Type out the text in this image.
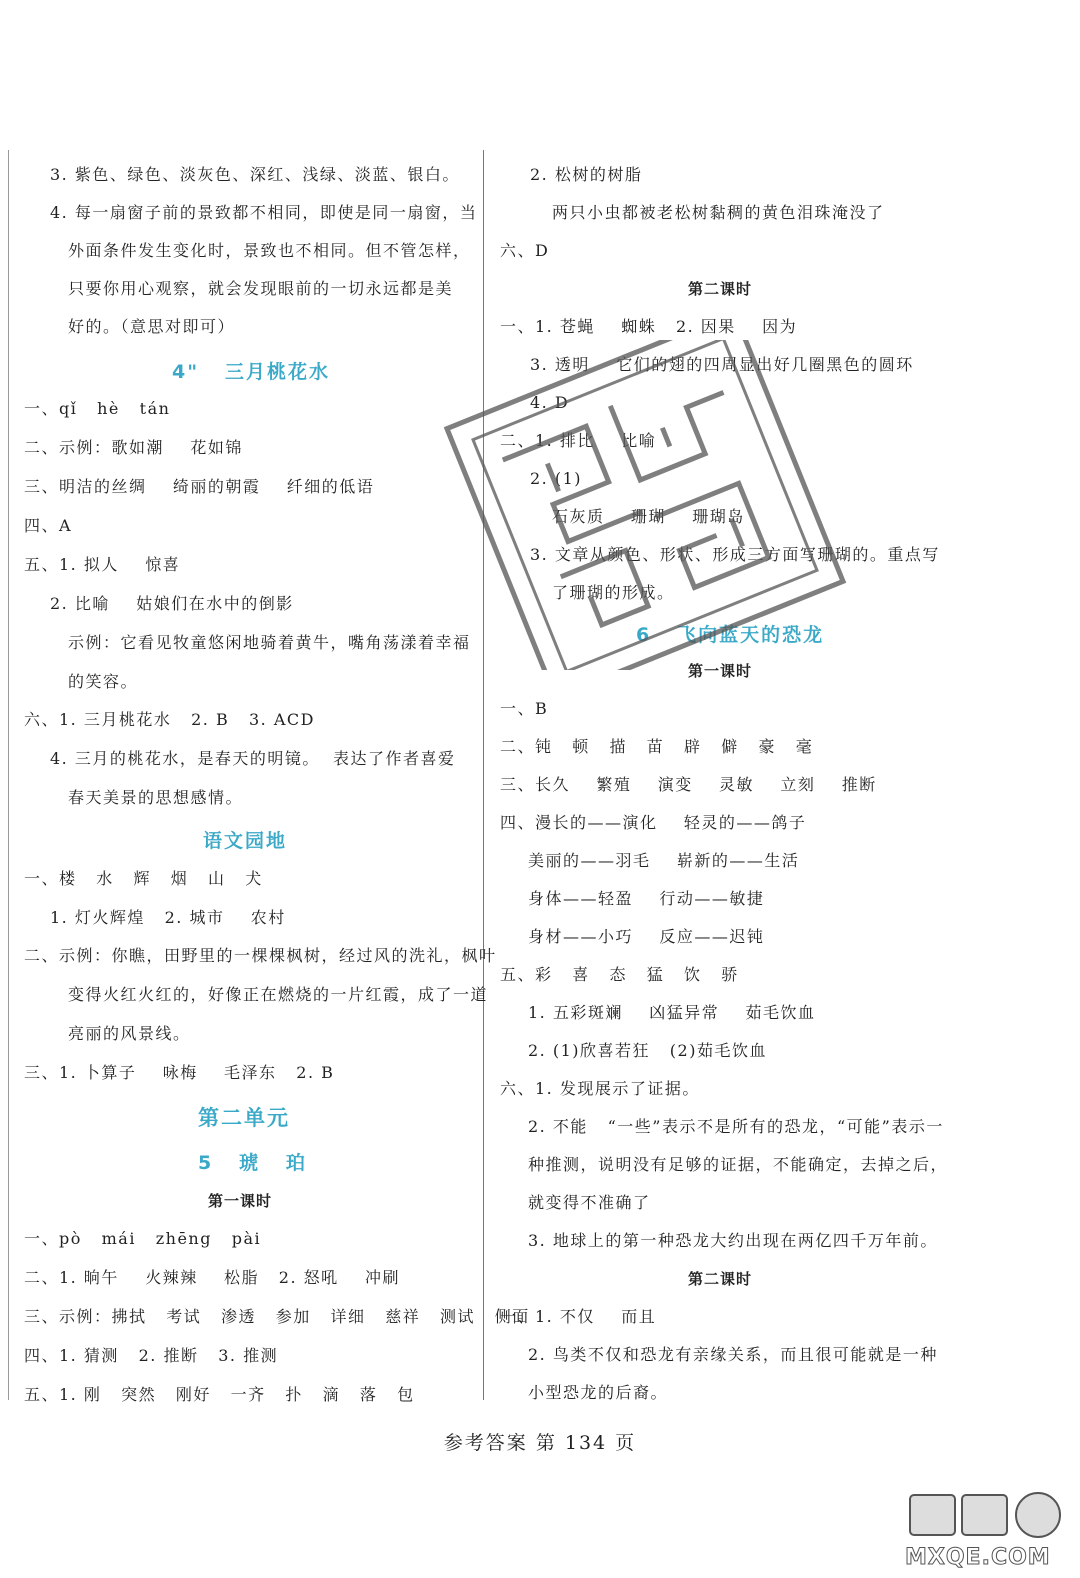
3. 紫色、绿色、淡灰色、深红、浅绿、淡蓝、银白。
4. 每一扇窗子前的景致都不相同，即使是同一扇窗，当
外面条件发生变化时，景致也不相同。但不管怎样，
只要你用心观察，就会发现眼前的一切永远都是美
好的。（意思对即可）
4"   三月桃花水
一、qǐ   hè   tán
二、示例：歌如潮    花如锦
三、明洁的丝绸    绮丽的朝霞    纤细的低语
四、A
五、1. 拟人    惊喜
2. 比喻    姑娘们在水中的倒影
示例：它看见牧童悠闲地骑着黄牛，嘴角荡漾着幸福
的笑容。
六、1. 三月桃花水   2. B   3. ACD
4. 三月的桃花水，是春天的明镜。  表达了作者喜爱
春天美景的思想感情。
语文园地
一、楼   水   辉   烟   山   犬
1. 灯火辉煌   2. 城市    农村
二、示例：你瞧，田野里的一棵棵枫树，经过风的洗礼，枫叶
变得火红火红的，好像正在燃烧的一片红霞，成了一道
亮丽的风景线。
三、1. 卜算子    咏梅    毛泽东   2. B
第二单元
5   琥   珀
第一课时
一、pò   mái   zhēng   pài
二、1. 晌午    火辣辣    松脂   2. 怒吼    冲刷
三、示例：拂拭   考试   渗透   参加   详细   慈祥   测试   侧面
四、1. 猜测   2. 推断   3. 推测
五、1. 刚   突然   刚好   一齐   扑   滴   落   包
2. 松树的树脂
两只小虫都被老松树黏稠的黄色泪珠淹没了
六、D
第二课时
一、1. 苍蝇    蜘蛛   2. 因果    因为
3. 透明    它们的翅的四周显出好几圈黑色的圆环
4. D
二、1. 排比    比喻
2. (1)
石灰质    珊瑚    珊瑚岛
3. 文章从颜色、形状、形成三方面写珊瑚的。重点写
了珊瑚的形成。
6   飞向蓝天的恐龙
第一课时
一、B
二、钝   顿   描   苗   辟   僻   豪   毫
三、长久    繁殖    演变    灵敏    立刻    推断
四、漫长的——演化    轻灵的——鸽子
美丽的——羽毛    崭新的——生活
身体——轻盈    行动——敏捷
身材——小巧    反应——迟钝
五、彩   喜   态   猛   饮   骄
1. 五彩斑斓    凶猛异常    茹毛饮血
2. (1)欣喜若狂   (2)茹毛饮血
六、1. 发现展示了证据。
2. 不能   “一些”表示不是所有的恐龙，“可能”表示一
种推测，说明没有足够的证据，不能确定，去掉之后，
就变得不准确了
3. 地球上的第一种恐龙大约出现在两亿四千万年前。
第二课时
一、1. 不仅    而且
2. 鸟类不仅和恐龙有亲缘关系，而且很可能就是一种
小型恐龙的后裔。
参考答案 第 134 页
MXQE.COM
